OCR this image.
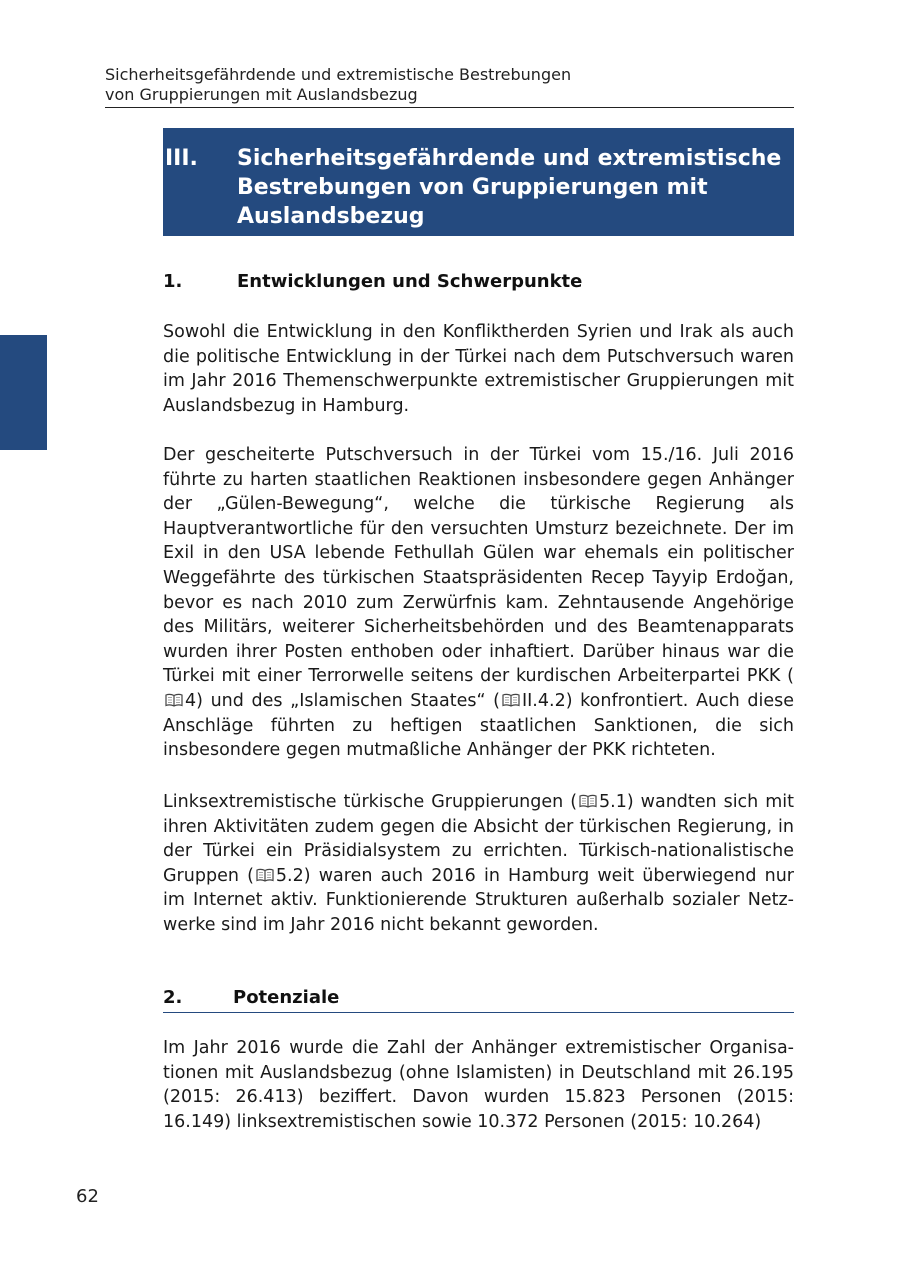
Sicherheitsgefährdende und extremistische Bestrebungen
von Gruppierungen mit Auslandsbezug
III. Sicherheitsgefährdende und extremistische Bestrebungen von Gruppierungen mit Auslandsbezug
1.	Entwicklungen und Schwerpunkte

Sowohl die Entwicklung in den Konfliktherden Syrien und Irak als auch die politische Entwicklung in der Türkei nach dem Putschversuch waren im Jahr 2016 Themenschwerpunkte extremistischer Gruppierungen mit Auslandsbezug in Hamburg.

Der gescheiterte Putschversuch in der Türkei vom 15./16. Juli 2016 führte zu harten staatlichen Reaktionen insbesondere gegen Anhänger der „Gülen-Bewegung“, welche die türkische Regierung als Hauptverantwortliche für den versuchten Umsturz bezeichnete. Der im Exil in den USA lebende Fethullah Gülen war ehemals ein politischer Weggefährte des türkischen Staatspräsidenten Recep Tayyip Erdoğan, bevor es nach 2010 zum Zerwürfnis kam. Zehntausende Angehörige des Militärs, weiterer Sicherheitsbehörden und des Beamtenapparats wurden ihrer Posten enthoben oder inhaftiert. Darüber hinaus war die Türkei mit einer Terrorwelle seitens der kurdischen Arbeiterpartei PKK (4) und des „Islamischen Staates“ ( II.4.2) konfrontiert. Auch diese Anschläge führten zu heftigen staatlichen Sanktionen, die sich insbesondere gegen mutmaßliche Anhänger der PKK richteten.

Linksextremistische türkische Gruppierungen ( 5.1) wandten sich mit ihren Aktivitäten zudem gegen die Absicht der türkischen Regierung, in der Türkei ein Präsidialsystem zu errichten. Türkisch-nationalistische Gruppen ( 5.2) waren auch 2016 in Hamburg weit überwiegend nur im Internet aktiv. Funktionierende Strukturen außerhalb sozialer Netzwerke sind im Jahr 2016 nicht bekannt geworden.

2.	Potenziale

Im Jahr 2016 wurde die Zahl der Anhänger extremistischer Organisationen mit Auslandsbezug (ohne Islamisten) in Deutschland mit 26.195 (2015: 26.413) beziffert. Davon wurden 15.823 Personen (2015: 16.149) linksextremistischen sowie 10.372 Personen (2015: 10.264)

62
